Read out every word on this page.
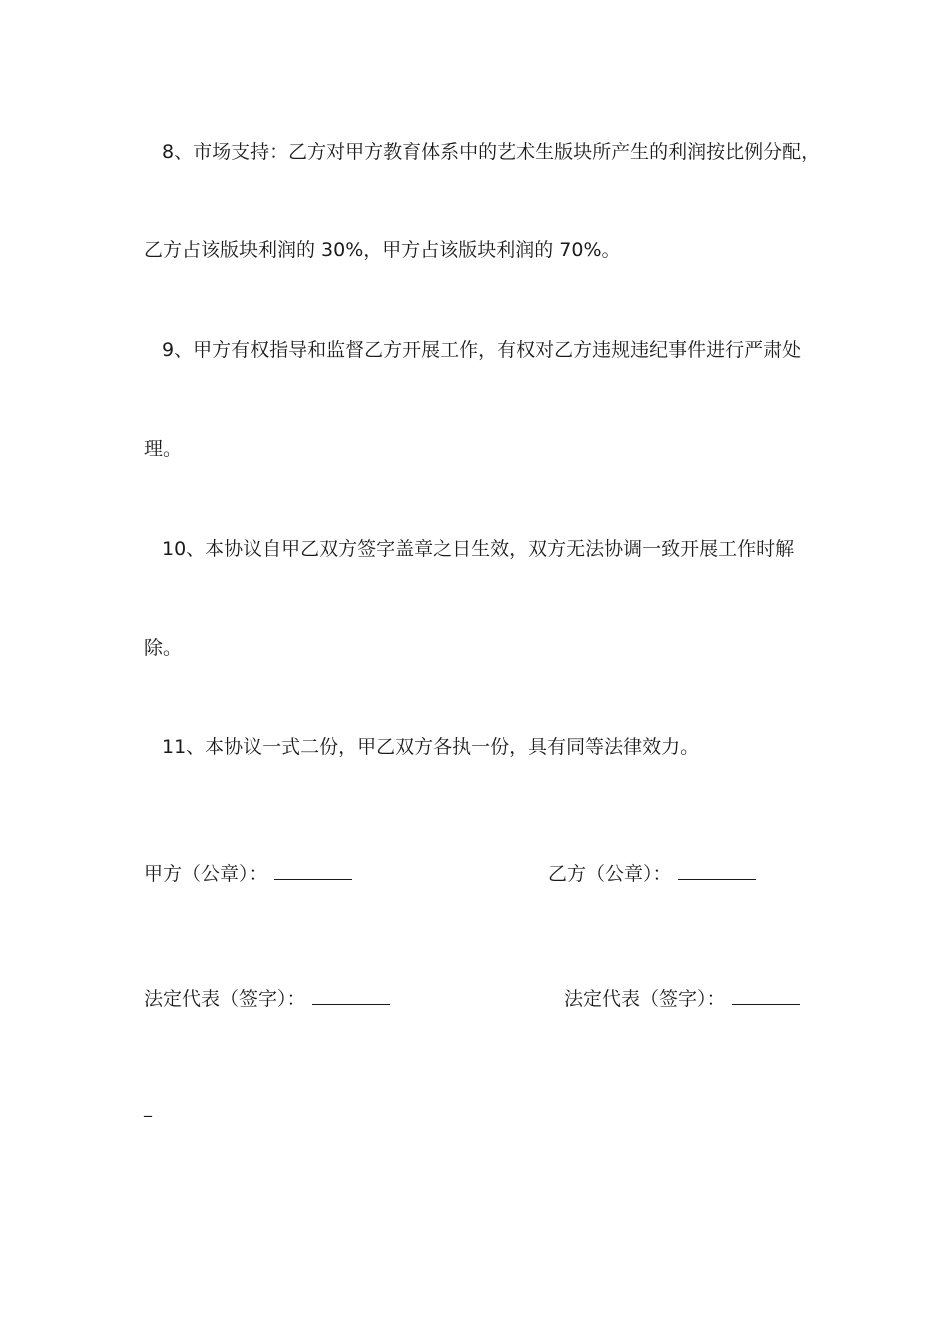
8、市场支持：乙方对甲方教育体系中的艺术生版块所产生的利润按比例分配，
乙方占该版块利润的 30%，甲方占该版块利润的 70%。
9、甲方有权指导和监督乙方开展工作，有权对乙方违规违纪事件进行严肃处
理。
10、本协议自甲乙双方签字盖章之日生效，双方无法协调一致开展工作时解
除。
11、本协议一式二份，甲乙双方各执一份，具有同等法律效力。
甲方（公章）：	乙方（公章）：
法定代表（签字）：	法定代表（签字）：
_
